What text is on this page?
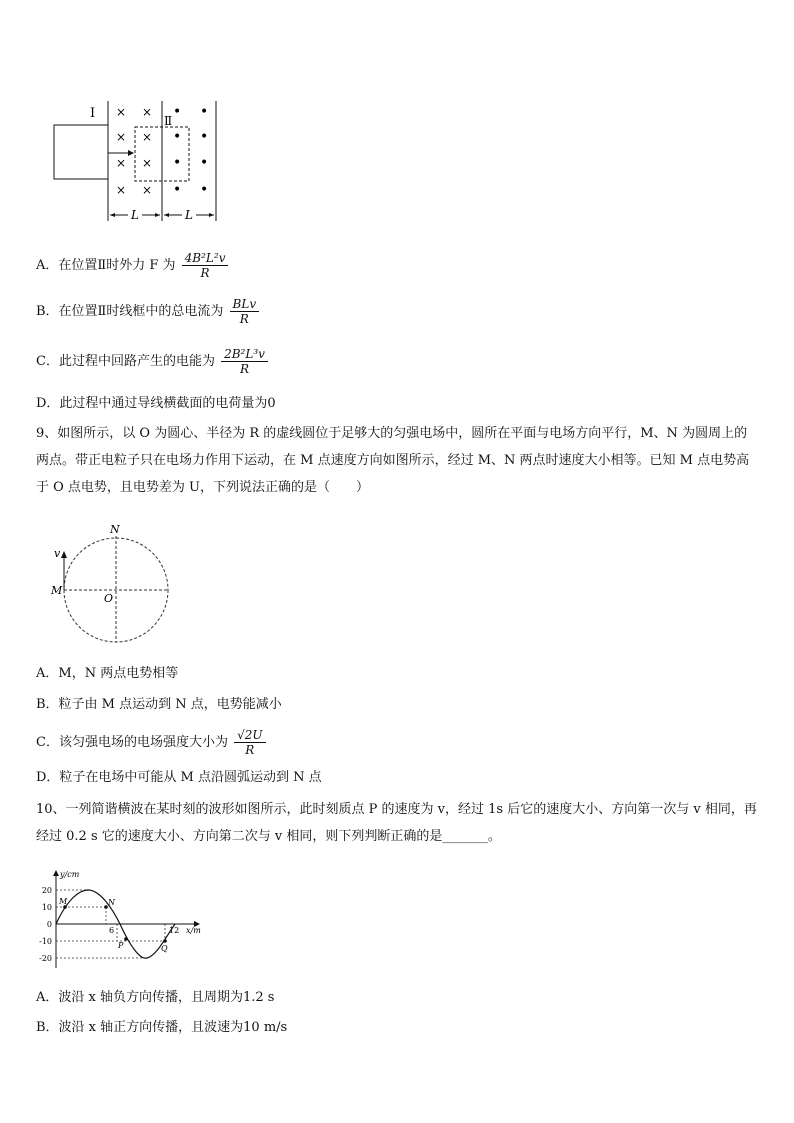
Ⅰ	Ⅱ
× ×
× ×
× ×
× ×
• •
• •
• •
• •
L	L
A．在位置Ⅱ时外力 F 为 $\frac{\text{4B²L²v}}{R}$
B．在位置Ⅱ时线框中的总电流为 $\frac{\text{BLv}}{R}$
C．此过程中回路产生的电能为 $\frac{\text{2B²L³v}}{R}$
D．此过程中通过导线横截面的电荷量为0
9、如图所示，以 O 为圆心、半径为 R 的虚线圆位于足够大的匀强电场中，圆所在平面与电场方向平行，M、N 为圆周上的两点。带正电粒子只在电场力作用下运动，在 M 点速度方向如图所示，经过 M、N 两点时速度大小相等。已知 M 点电势高于 O 点电势，且电势差为 U，下列说法正确的是（　　）
v
N
M
O
A．M，N 两点电势相等
B．粒子由 M 点运动到 N 点，电势能减小
C．该匀强电场的电场强度大小为 $\frac{√2U}{R}$
D．粒子在电场中可能从 M 点沿圆弧运动到 N 点
10、一列简谐横波在某时刻的波形如图所示，此时刻质点 P 的速度为 v，经过 1s 后它的速度大小、方向第一次与 v 相同，再经过 0.2 s 它的速度大小、方向第二次与 v 相同，则下列判断正确的是_______。
y/cm
x/m
20
10
0
-10
-20
6	12
M	N
P	Q
A．波沿 x 轴负方向传播，且周期为1.2 s
B．波沿 x 轴正方向传播，且波速为10 m/s
